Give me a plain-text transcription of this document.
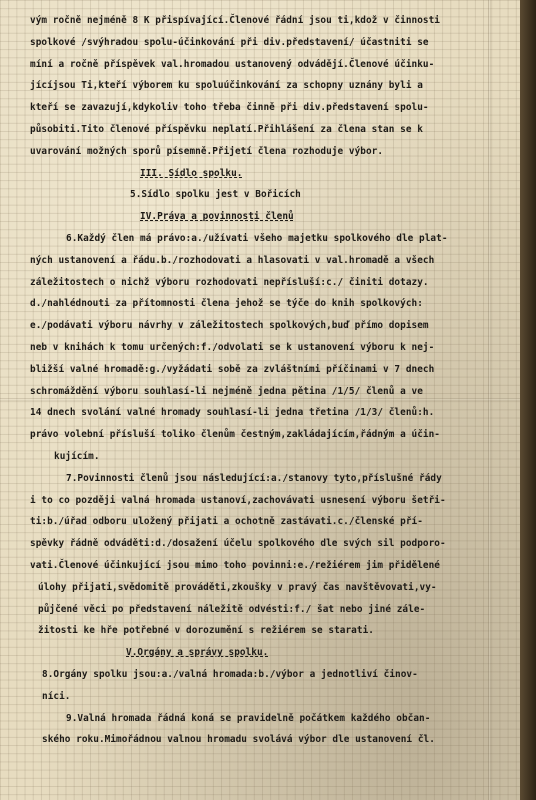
vým ročně nejméně 8 K přispívající.Členové řádní jsou ti,kdož v činnosti
spolkové /svýhradou spolu-účinkování při div.představení/ účastniti se
míní a ročně příspěvek val.hromadou ustanovený odvádějí.Členové účinku-
jícíjsou Ti,kteří výborem ku spoluúčinkování za schopny uznány byli a
kteří se zavazují,kdykoliv toho třeba činně při div.představení spolu-
působiti.Tito členové příspěvku neplatí.Přihlášení za člena stan se k
uvarování možných sporů písemně.Přijetí člena rozhoduje výbor.
III. Sídlo spolku.
5.Sídlo spolku jest v Bořicích
IV.Práva a povinnosti členů
6.Každý člen má právo:a./užívati všeho majetku spolkového dle plat-
ných ustanovení a řádu.b./rozhodovati a hlasovati v val.hromadě a všech
záležitostech o nichž výboru rozhodovati nepřísluší:c./ činiti dotazy.
d./nahlédnouti za přítomnosti člena jehož se týče do knih spolkových:
e./podávati výboru návrhy v záležitostech spolkových,buď přímo dopisem
neb v knihách k tomu určených:f./odvolati se k ustanovení výboru k nej-
bližší valné hromadě:g./vyžádati sobě za zvláštními příčinami v 7 dnech
schromáždění výboru souhlasí-li nejméně jedna pětina /1/5/ členů a ve
14 dnech svolání valné hromady souhlasí-li jedna třetina /1/3/ členů:h.
právo volební přísluší toliko členům čestným,zakládajícím,řádným a účin-
kujícím.
7.Povinnosti členů jsou následující:a./stanovy tyto,příslušné řády
i to co později valná hromada ustanoví,zachovávati usnesení výboru šetři-
ti:b./úřad odboru uložený přijati a ochotně zastávati.c./členské pří-
spěvky řádně odváděti:d./dosažení účelu spolkového dle svých sil podporo-
vati.Členové účinkující jsou mimo toho povinni:e./režiérem jim přidělené
úlohy přijati,svědomitě prováděti,zkoušky v pravý čas navštěvovati,vy-
půjčené věci po představení náležitě odvésti:f./ šat nebo jiné zále-
žitosti ke hře potřebné v dorozumění s režiérem se starati.
V.Orgány a správy spolku.
8.Orgány spolku jsou:a./valná hromada:b./výbor a jednotliví činov-
níci.
9.Valná hromada řádná koná se pravidelně počátkem každého občan-
ského roku.Mimořádnou valnou hromadu svolává výbor dle ustanovení čl.
